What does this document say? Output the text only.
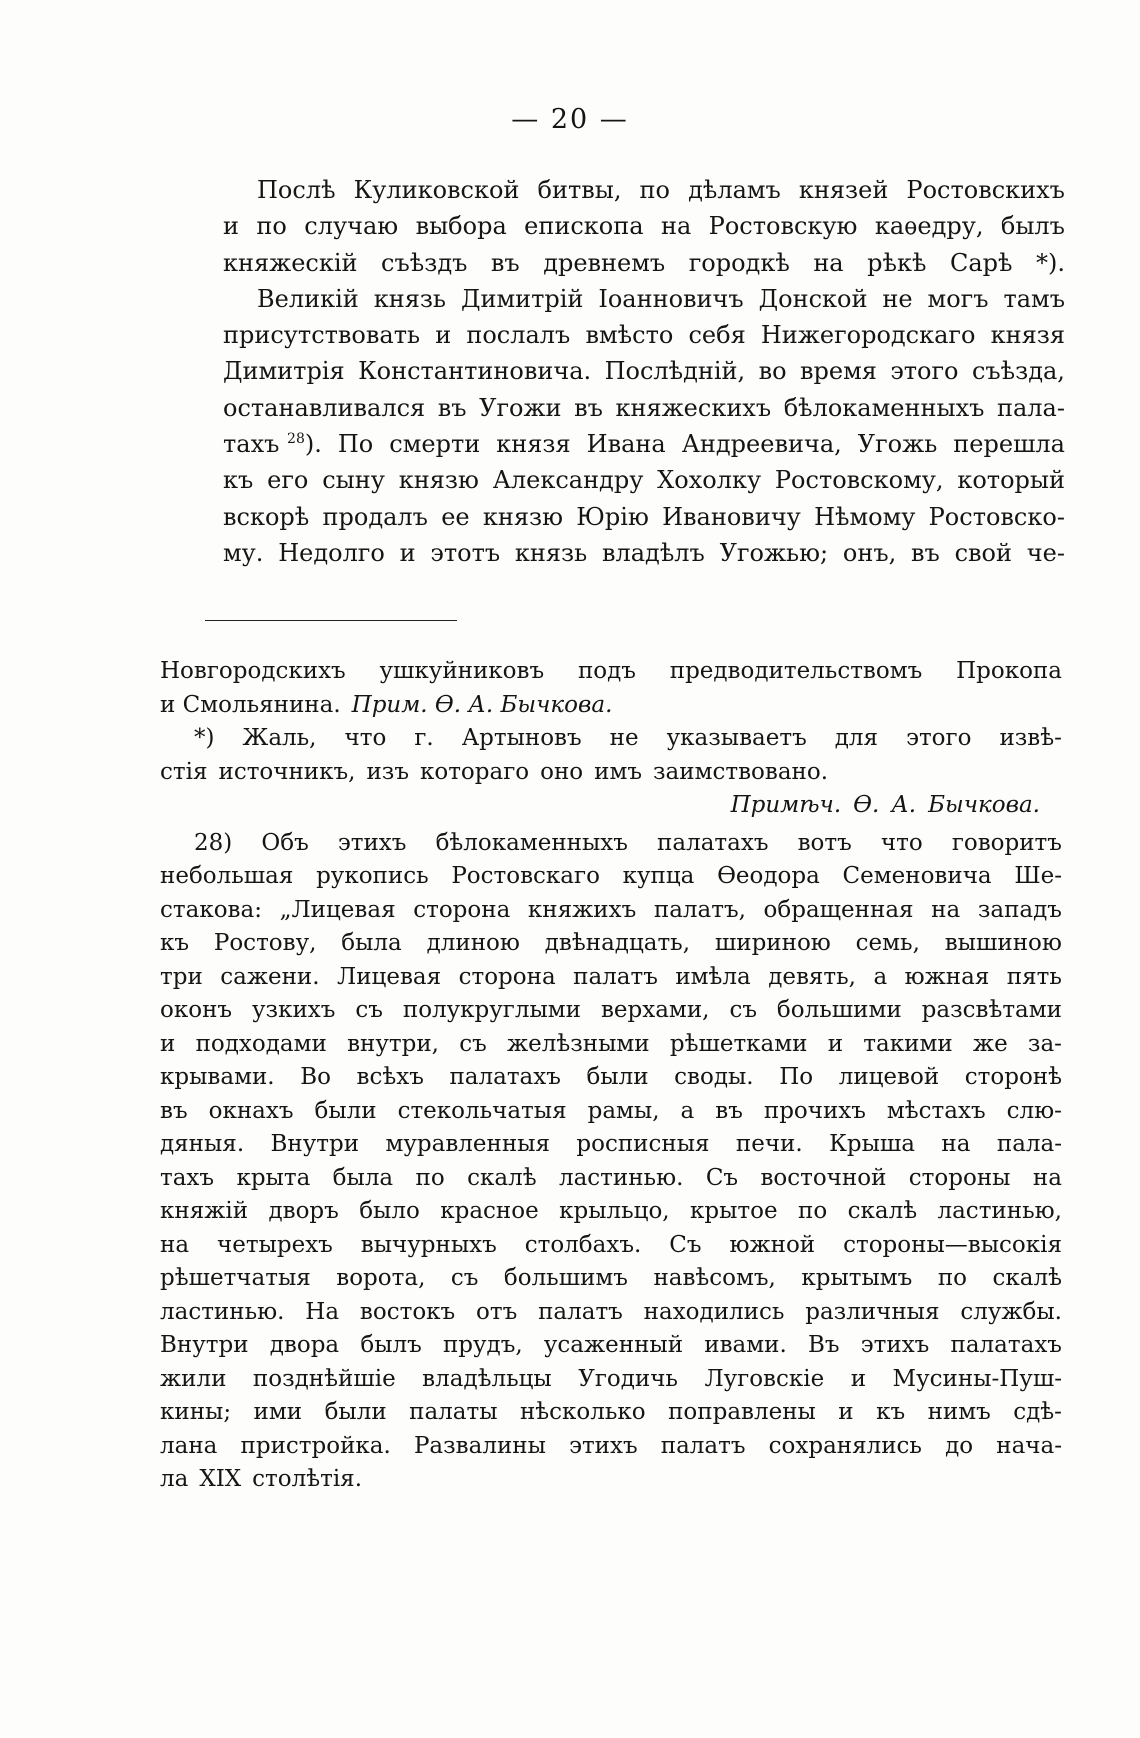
— 20 —
Послѣ Куликовской битвы, по дѣламъ князей Ростовскихъ
и по случаю выбора епископа на Ростовскую каѳедру, былъ
княжескій съѣздъ въ древнемъ городкѣ на рѣкѣ Сарѣ *).
Великій князь Димитрій Іоанновичъ Донской не могъ тамъ
присутствовать и послалъ вмѣсто себя Нижегородскаго князя
Димитрія Константиновича. Послѣдній, во время этого съѣзда,
останавливался въ Угожи въ княжескихъ бѣлокаменныхъ пала-
тахъ $^{28}$ ). По смерти князя Ивана Андреевича, Угожь перешла
къ его сыну князю Александру Хохолку Ростовскому, который
вскорѣ продалъ ее князю Юрію Ивановичу Нѣмому Ростовско-
му. Недолго и этотъ князь владѣлъ Угожью; онъ, въ свой че-
Новгородскихъ ушкуйниковъ подъ предводительствомъ Прокопа
и Смольянина. Прим. Ѳ. А. Бычкова.
*) Жаль, что г. Артыновъ не указываетъ для этого извѣ-
стія источникъ, изъ котораго оно имъ заимствовано.
Примѣч. Ѳ. А. Бычкова.
28) Объ этихъ бѣлокаменныхъ палатахъ вотъ что говоритъ
небольшая рукопись Ростовскаго купца Ѳеодора Семеновича Ше-
стакова: „Лицевая сторона княжихъ палатъ, обращенная на западъ
къ Ростову, была длиною двѣнадцать, шириною семь, вышиною
три сажени. Лицевая сторона палатъ имѣла девять, а южная пять
оконъ узкихъ съ полукруглыми верхами, съ большими разсвѣтами
и подходами внутри, съ желѣзными рѣшетками и такими же за-
крывами. Во всѣхъ палатахъ были своды. По лицевой сторонѣ
въ окнахъ были стекольчатыя рамы, а въ прочихъ мѣстахъ слю-
дяныя. Внутри муравленныя росписныя печи. Крыша на пала-
тахъ крыта была по скалѣ ластинью. Съ восточной стороны на
княжій дворъ было красное крыльцо, крытое по скалѣ ластинью,
на четырехъ вычурныхъ столбахъ. Съ южной стороны—высокія
рѣшетчатыя ворота, съ большимъ навѣсомъ, крытымъ по скалѣ
ластинью. На востокъ отъ палатъ находились различныя службы.
Внутри двора былъ прудъ, усаженный ивами. Въ этихъ палатахъ
жили позднѣйшіе владѣльцы Угодичь Луговскіе и Мусины-Пуш-
кины; ими были палаты нѣсколько поправлены и къ нимъ сдѣ-
лана пристройка. Развалины этихъ палатъ сохранялись до нача-
ла XIX столѣтія.
